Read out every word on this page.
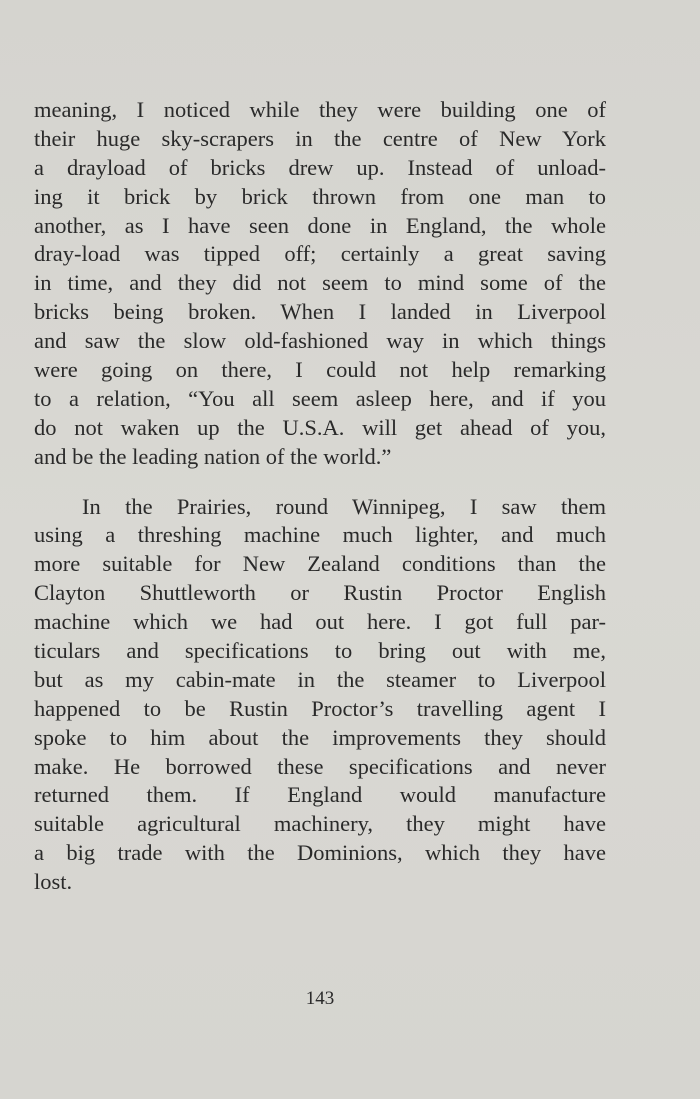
meaning, I noticed while they were building one of
their huge sky-scrapers in the centre of New York
a drayload of bricks drew up. Instead of unload-
ing it brick by brick thrown from one man to
another, as I have seen done in England, the whole
dray-load was tipped off; certainly a great saving
in time, and they did not seem to mind some of the
bricks being broken. When I landed in Liverpool
and saw the slow old-fashioned way in which things
were going on there, I could not help remarking
to a relation, “You all seem asleep here, and if you
do not waken up the U.S.A. will get ahead of you,
and be the leading nation of the world.”

In the Prairies, round Winnipeg, I saw them
using a threshing machine much lighter, and much
more suitable for New Zealand conditions than the
Clayton Shuttleworth or Rustin Proctor English
machine which we had out here. I got full par-
ticulars and specifications to bring out with me,
but as my cabin-mate in the steamer to Liverpool
happened to be Rustin Proctor’s travelling agent I
spoke to him about the improvements they should
make. He borrowed these specifications and never
returned them. If England would manufacture
suitable agricultural machinery, they might have
a big trade with the Dominions, which they have
lost.

143
